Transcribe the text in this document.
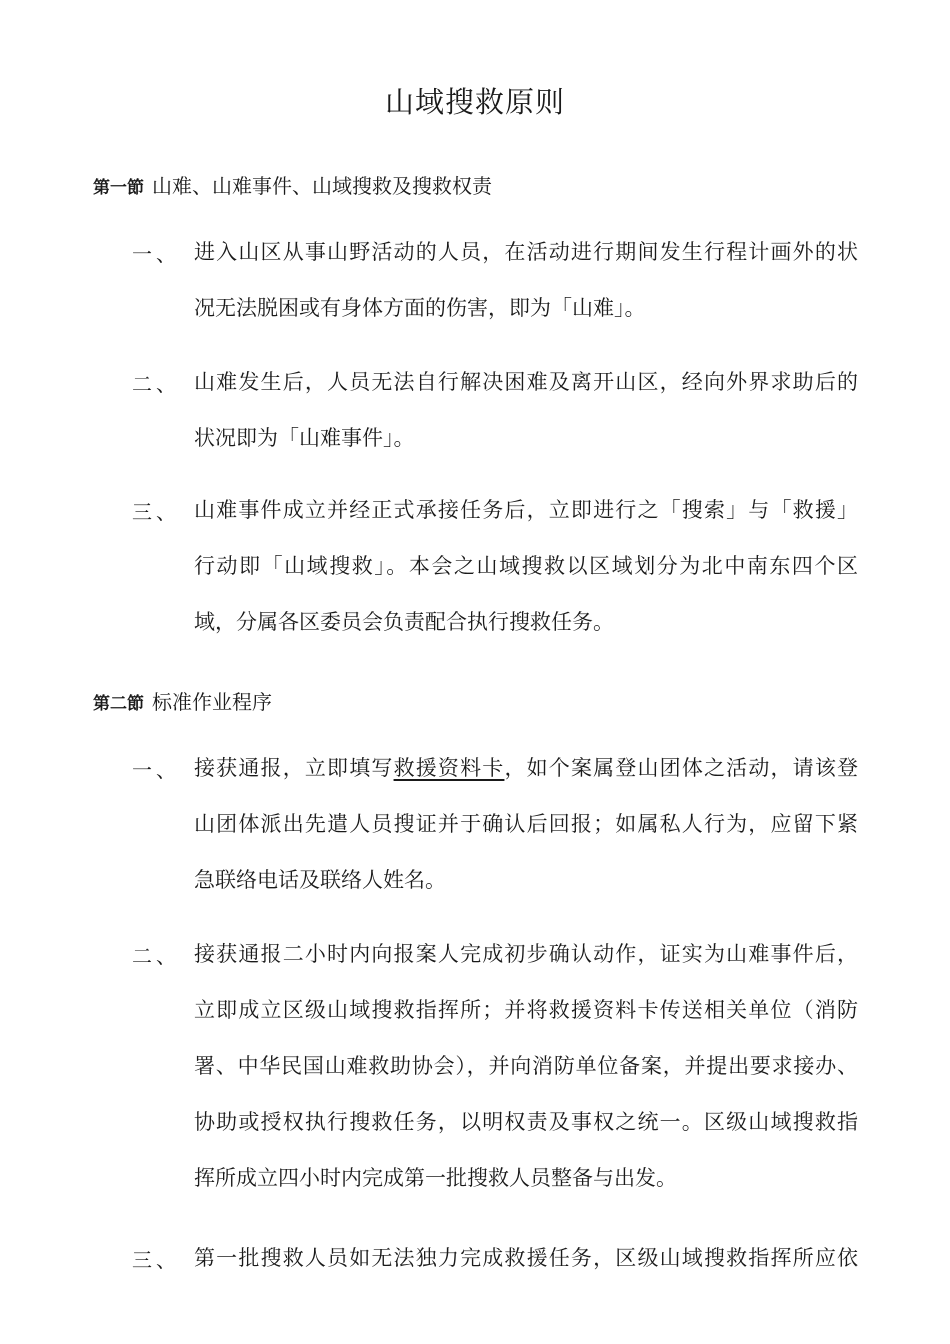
山域搜救原则
第一節 山难、山难事件、山域搜救及搜救权责
一、 进入山区从事山野活动的人员，在活动进行期间发生行程计画外的状
况无法脱困或有身体方面的伤害，即为「山难」。
二、 山难发生后，人员无法自行解决困难及离开山区，经向外界求助后的
状况即为「山难事件」。
三、 山难事件成立并经正式承接任务后，立即进行之「搜索」与「救援」
行动即「山域搜救」。本会之山域搜救以区域划分为北中南东四个区
域，分属各区委员会负责配合执行搜救任务。
第二節 标准作业程序
一、 接获通报，立即填写救援资料卡，如个案属登山团体之活动，请该登
山团体派出先遣人员搜证并于确认后回报；如属私人行为，应留下紧
急联络电话及联络人姓名。
二、 接获通报二小时内向报案人完成初步确认动作，证实为山难事件后，
立即成立区级山域搜救指挥所；并将救援资料卡传送相关单位（消防
署、中华民国山难救助协会），并向消防单位备案，并提出要求接办、
协助或授权执行搜救任务，以明权责及事权之统一。区级山域搜救指
挥所成立四小时内完成第一批搜救人员整备与出发。
三、 第一批搜救人员如无法独力完成救援任务，区级山域搜救指挥所应依
